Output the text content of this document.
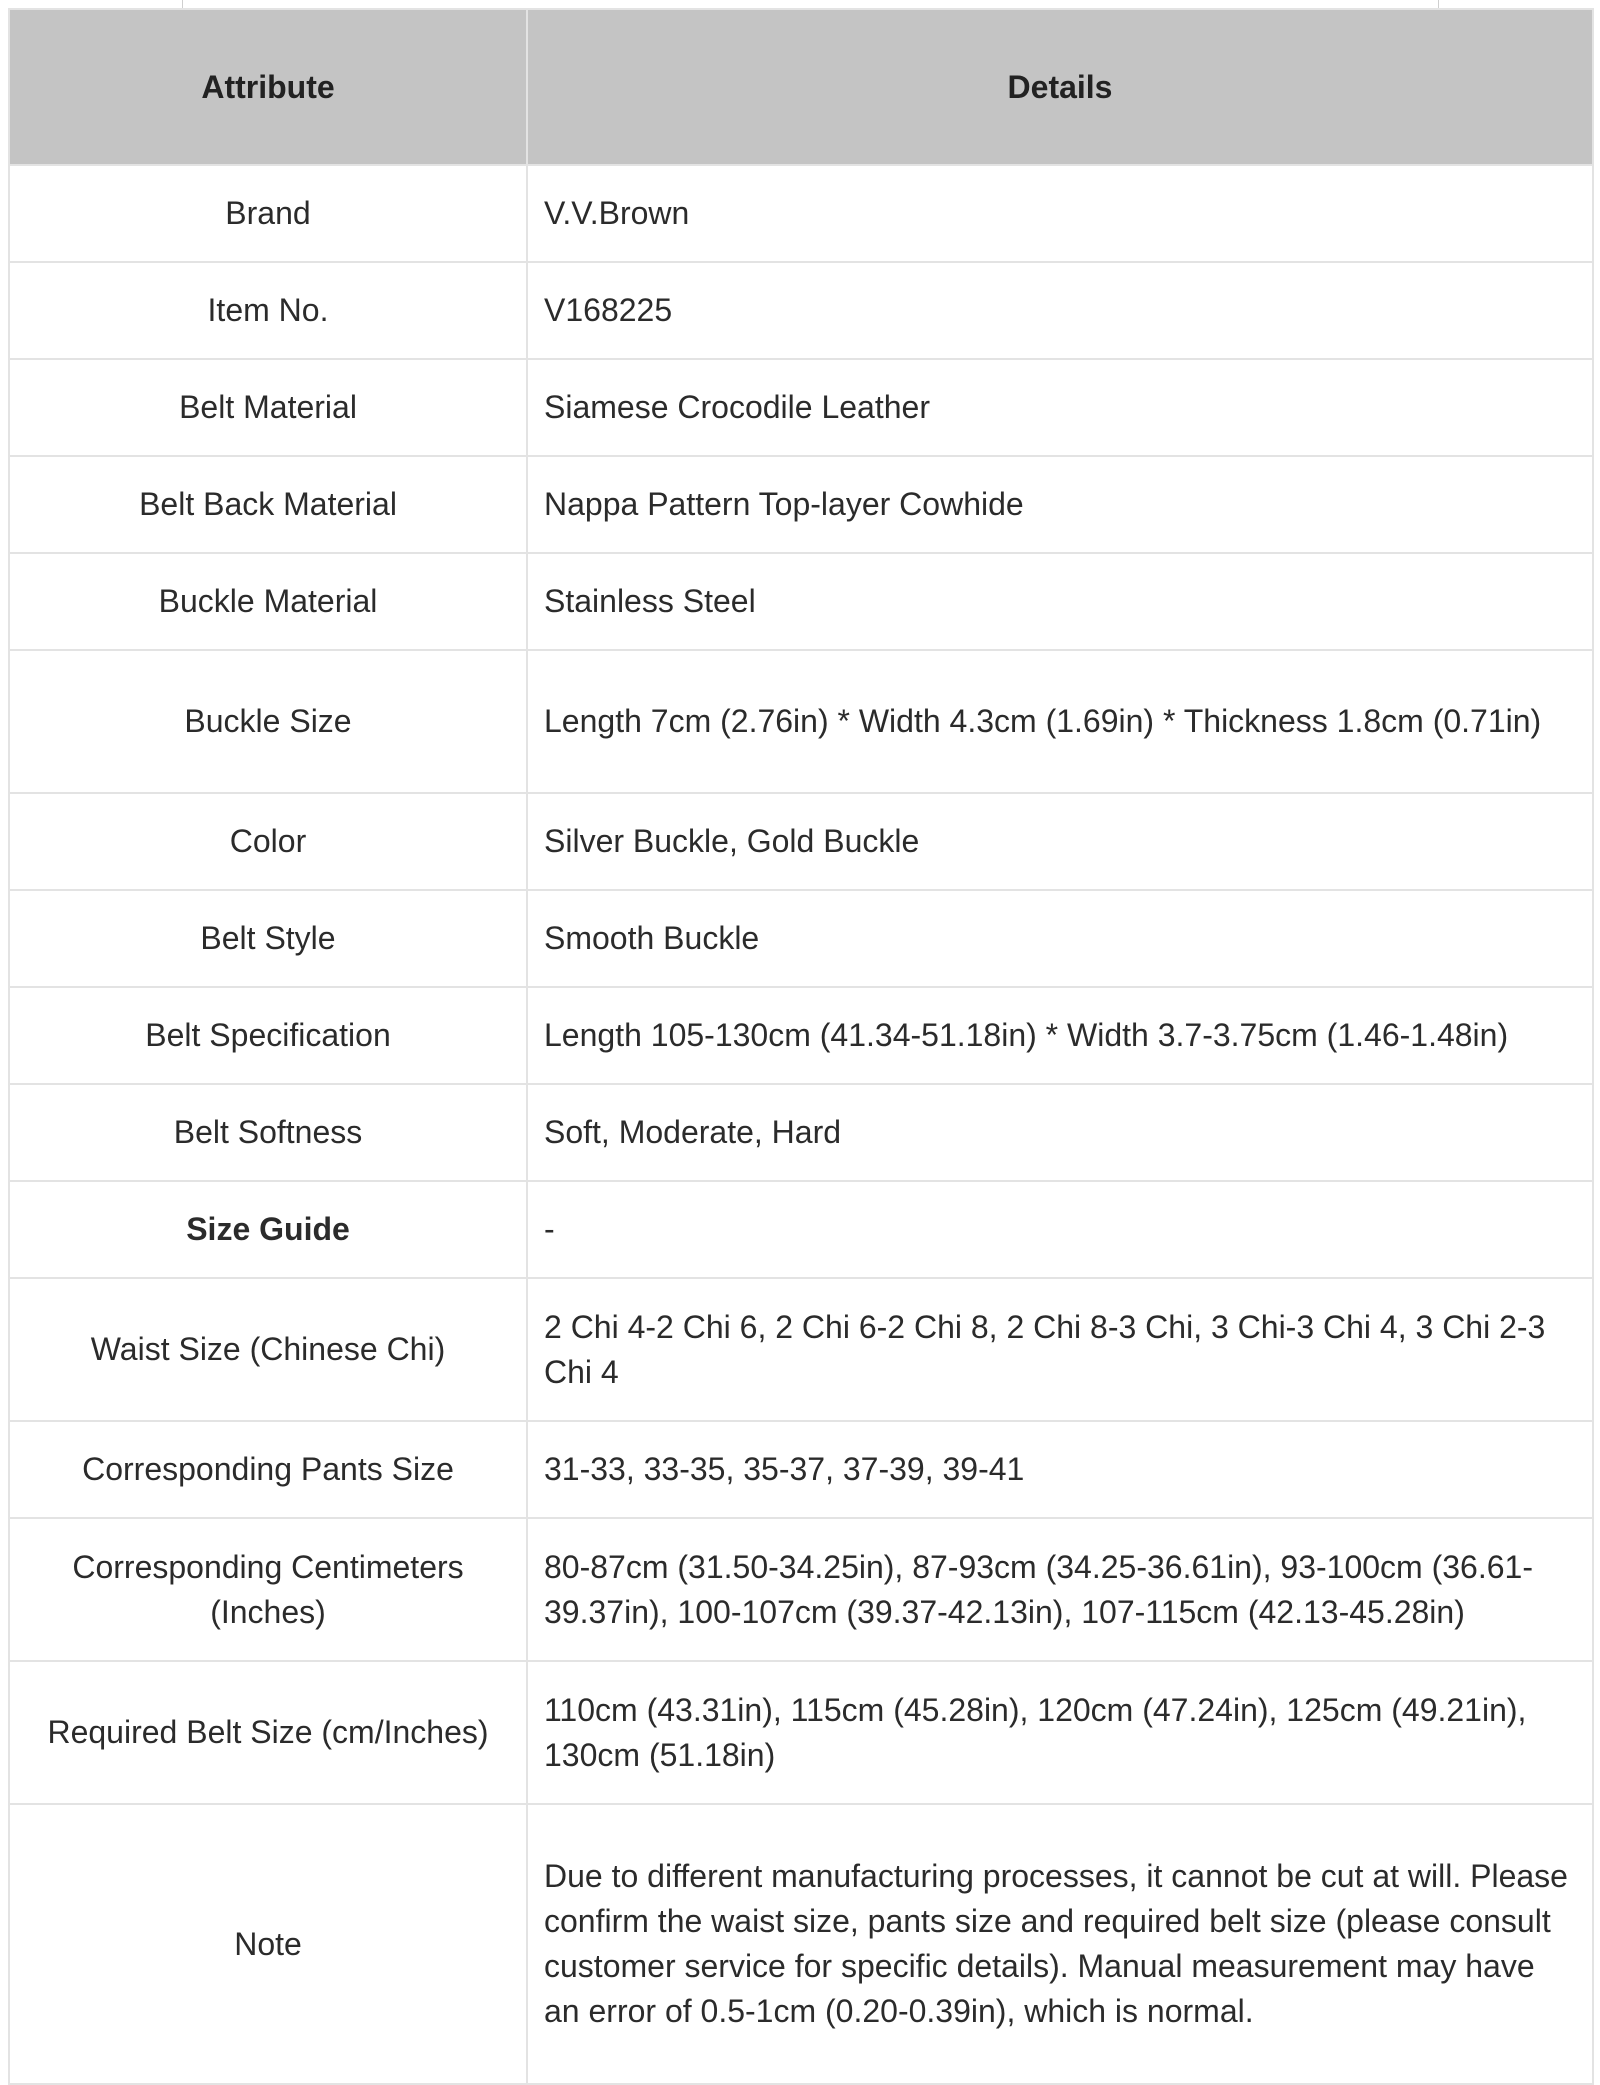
Attribute	Details
Brand	V.V.Brown
Item No.	V168225
Belt Material	Siamese Crocodile Leather
Belt Back Material	Nappa Pattern Top-layer Cowhide
Buckle Material	Stainless Steel
Buckle Size	Length 7cm (2.76in) * Width 4.3cm (1.69in) * Thickness 1.8cm (0.71in)
Color	Silver Buckle, Gold Buckle
Belt Style	Smooth Buckle
Belt Specification	Length 105-130cm (41.34-51.18in) * Width 3.7-3.75cm (1.46-1.48in)
Belt Softness	Soft, Moderate, Hard
Size Guide	-
Waist Size (Chinese Chi)	2 Chi 4-2 Chi 6, 2 Chi 6-2 Chi 8, 2 Chi 8-3 Chi, 3 Chi-3 Chi 4, 3 Chi 2-3 Chi 4
Corresponding Pants Size	31-33, 33-35, 35-37, 37-39, 39-41
Corresponding Centimeters (Inches)	80-87cm (31.50-34.25in), 87-93cm (34.25-36.61in), 93-100cm (36.61-39.37in), 100-107cm (39.37-42.13in), 107-115cm (42.13-45.28in)
Required Belt Size (cm/Inches)	110cm (43.31in), 115cm (45.28in), 120cm (47.24in), 125cm (49.21in), 130cm (51.18in)
Note	Due to different manufacturing processes, it cannot be cut at will. Please confirm the waist size, pants size and required belt size (please consult customer service for specific details). Manual measurement may have an error of 0.5-1cm (0.20-0.39in), which is normal.
